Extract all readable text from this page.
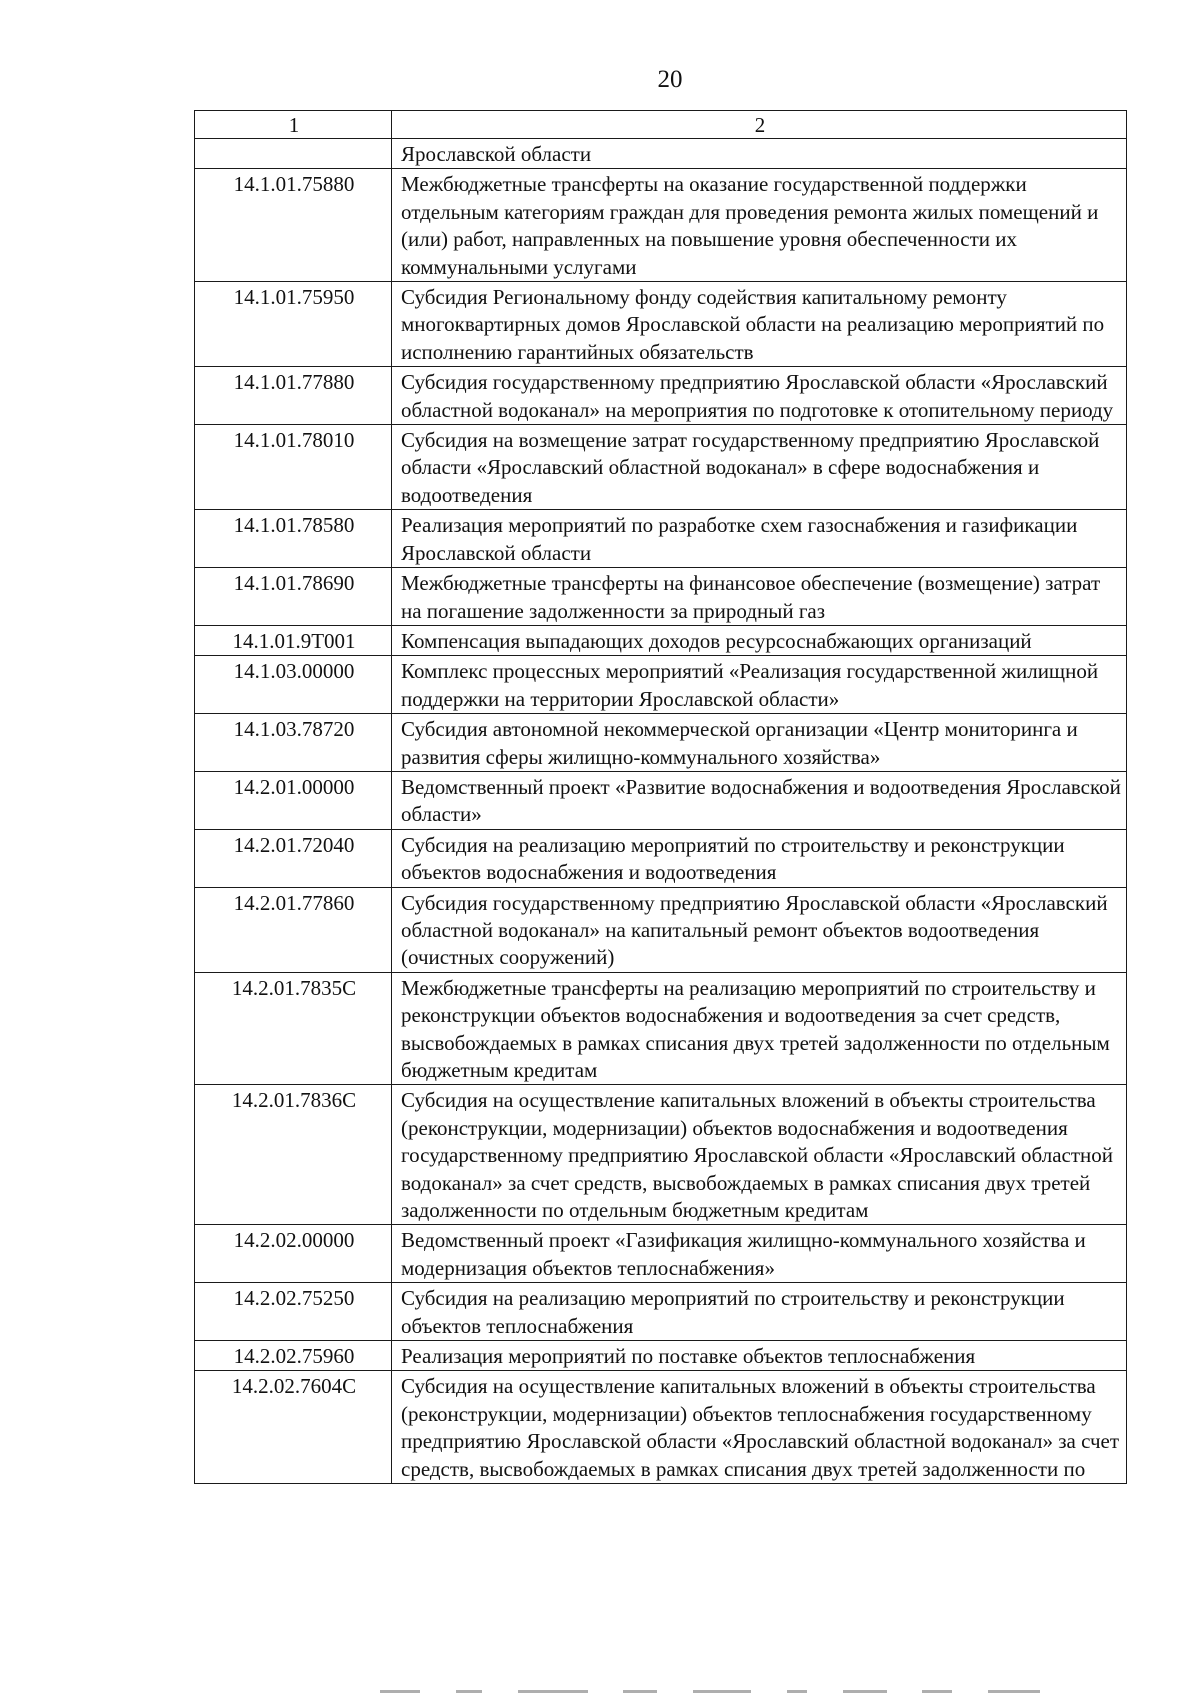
20
1	2
	Ярославской области
14.1.01.75880	Межбюджетные трансферты на оказание государственной поддержки отдельным категориям граждан для проведения ремонта жилых помещений и (или) работ, направленных на повышение уровня обеспеченности их коммунальными услугами
14.1.01.75950	Субсидия Региональному фонду содействия капитальному ремонту многоквартирных домов Ярославской области на реализацию мероприятий по исполнению гарантийных обязательств
14.1.01.77880	Субсидия государственному предприятию Ярославской области «Ярославский областной водоканал» на мероприятия по подготовке к отопительному периоду
14.1.01.78010	Субсидия на возмещение затрат государственному предприятию Ярославской области «Ярославский областной водоканал» в сфере водоснабжения и водоотведения
14.1.01.78580	Реализация мероприятий по разработке схем газоснабжения и газификации Ярославской области
14.1.01.78690	Межбюджетные трансферты на финансовое обеспечение (возмещение) затрат на погашение задолженности за природный газ
14.1.01.9Т001	Компенсация выпадающих доходов ресурсоснабжающих организаций
14.1.03.00000	Комплекс процессных мероприятий «Реализация государственной жилищной поддержки на территории Ярославской области»
14.1.03.78720	Субсидия автономной некоммерческой организации «Центр мониторинга и развития сферы жилищно-коммунального хозяйства»
14.2.01.00000	Ведомственный проект «Развитие водоснабжения и водоотведения Ярославской области»
14.2.01.72040	Субсидия на реализацию мероприятий по строительству и реконструкции объектов водоснабжения и водоотведения
14.2.01.77860	Субсидия государственному предприятию Ярославской области «Ярославский областной водоканал» на капитальный ремонт объектов водоотведения (очистных сооружений)
14.2.01.7835С	Межбюджетные трансферты на реализацию мероприятий по строительству и реконструкции объектов водоснабжения и водоотведения за счет средств, высвобождаемых в рамках списания двух третей задолженности по отдельным бюджетным кредитам
14.2.01.7836С	Субсидия на осуществление капитальных вложений в объекты строительства (реконструкции, модернизации) объектов водоснабжения и водоотведения государственному предприятию Ярославской области «Ярославский областной водоканал» за счет средств, высвобождаемых в рамках списания двух третей задолженности по отдельным бюджетным кредитам
14.2.02.00000	Ведомственный проект «Газификация жилищно-коммунального хозяйства и модернизация объектов теплоснабжения»
14.2.02.75250	Субсидия на реализацию мероприятий по строительству и реконструкции объектов теплоснабжения
14.2.02.75960	Реализация мероприятий по поставке объектов теплоснабжения
14.2.02.7604С	Субсидия на осуществление капитальных вложений в объекты строительства (реконструкции, модернизации) объектов теплоснабжения государственному предприятию Ярославской области «Ярославский областной водоканал» за счет средств, высвобождаемых в рамках списания двух третей задолженности по
